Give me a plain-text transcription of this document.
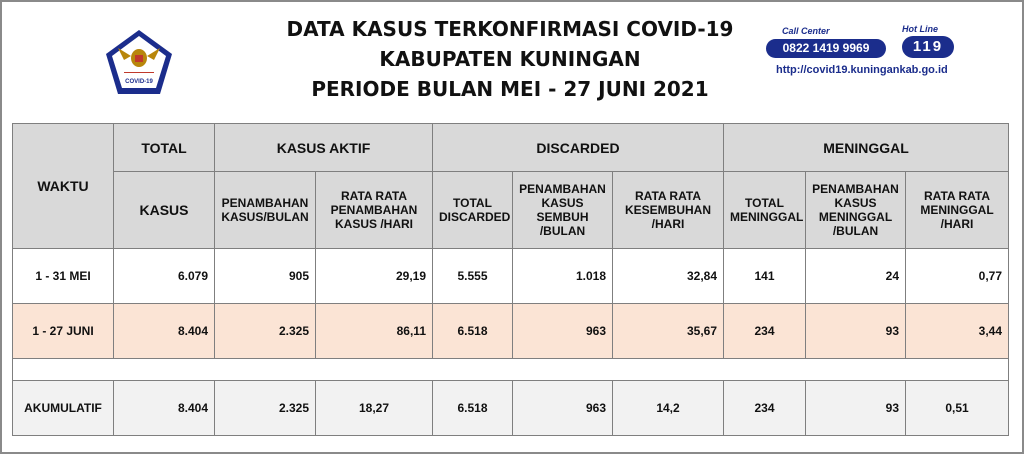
COVID-19
DATA KASUS TERKONFIRMASI COVID-19
KABUPATEN KUNINGAN
PERIODE BULAN MEI - 27 JUNI 2021
Call Center	Hot Line
0822 1419 9969	119
http://covid19.kuningankab.go.id
WAKTU	TOTAL	KASUS AKTIF		DISCARDED			MENINGGAL		
	KASUS	PENAMBAHAN KASUS/BULAN	RATA RATA PENAMBAHAN KASUS /HARI	TOTAL DISCARDED	PENAMBAHAN KASUS SEMBUH /BULAN	RATA RATA KESEMBUHAN /HARI	TOTAL MENINGGAL	PENAMBAHAN KASUS MENINGGAL /BULAN	RATA RATA MENINGGAL /HARI
1 - 31 MEI	6.079	905	29,19	5.555	1.018	32,84	141	24	0,77
1 - 27 JUNI	8.404	2.325	86,11	6.518	963	35,67	234	93	3,44

AKUMULATIF	8.404	2.325	18,27	6.518	963	14,2	234	93	0,51
